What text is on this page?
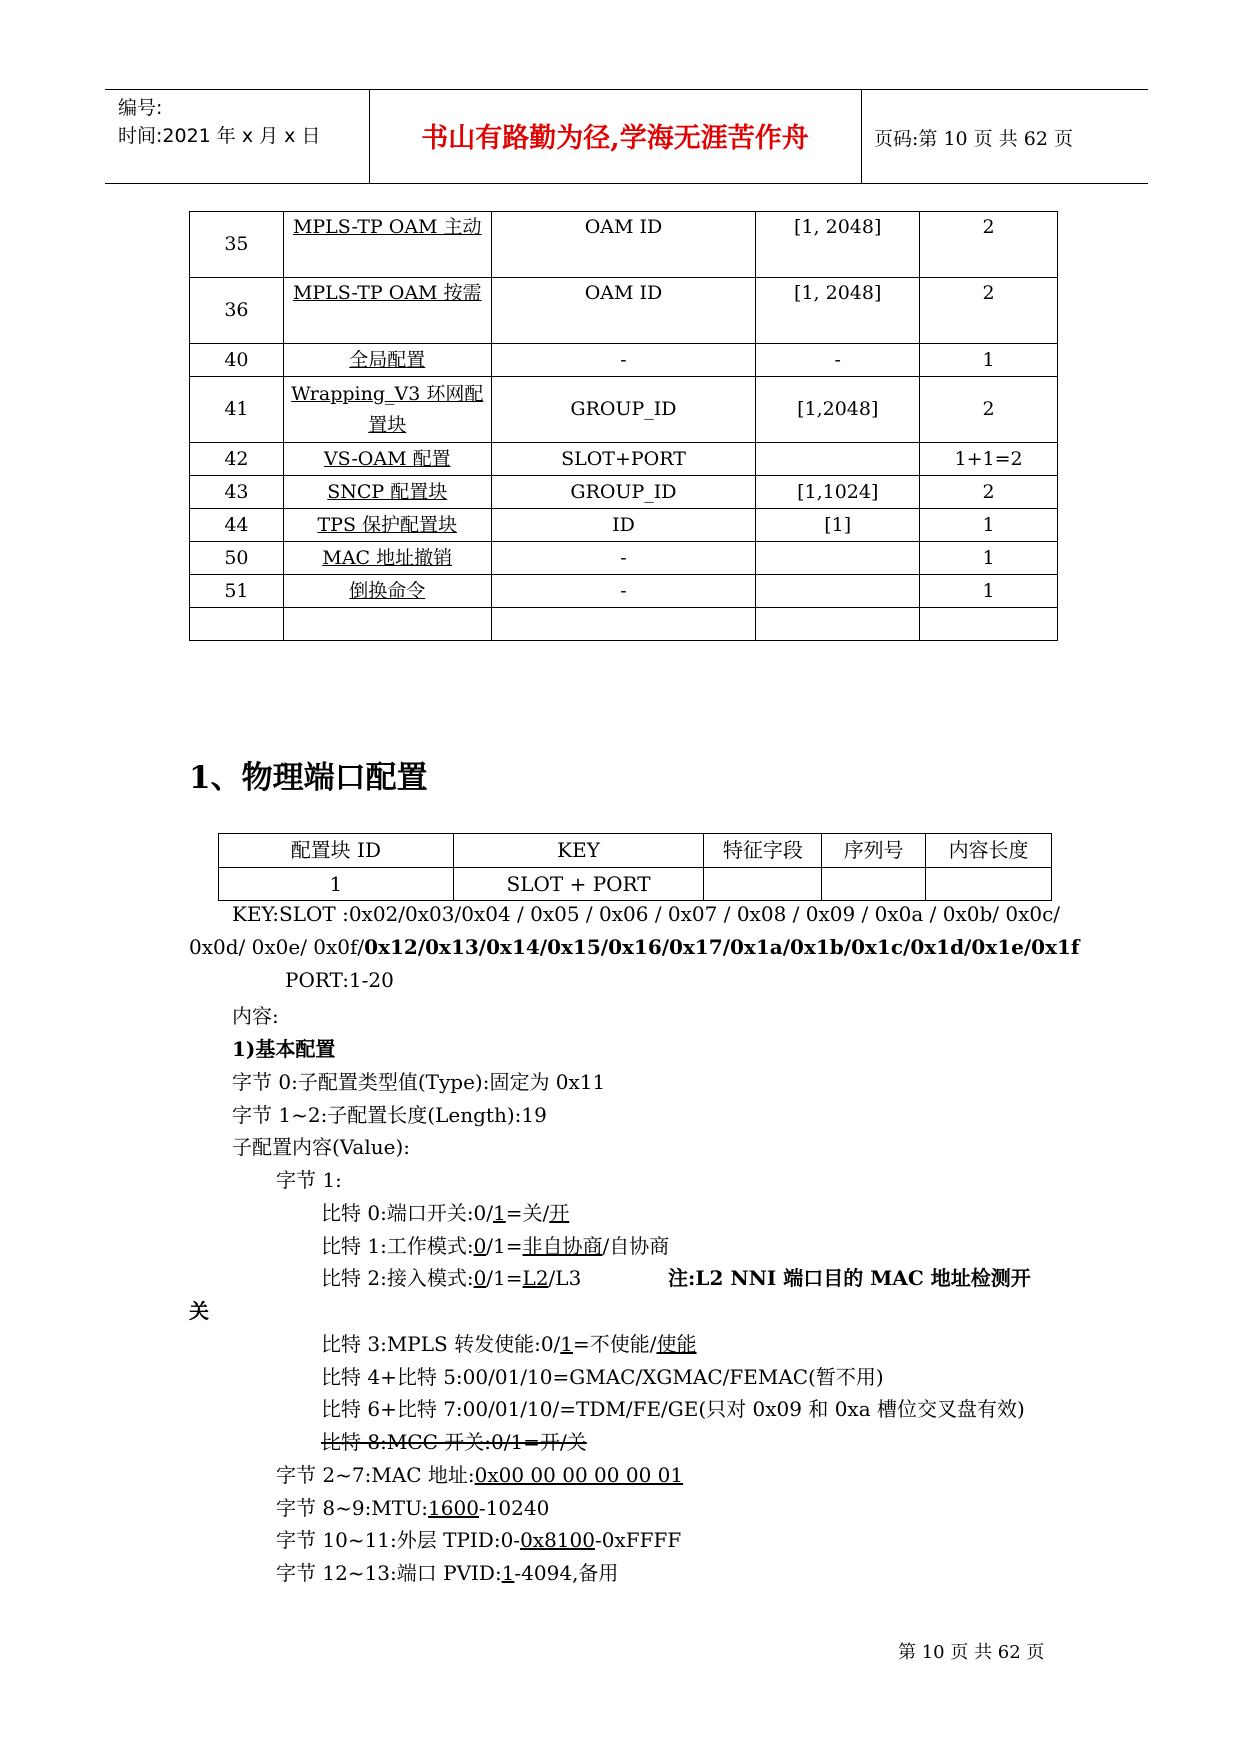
编号:
时间:2021 年 x 月 x 日	书山有路勤为径,学海无涯苦作舟	页码:第 10 页 共 62 页
35	MPLS-TP OAM 主动	OAM ID	[1, 2048]	2
36	MPLS-TP OAM 按需	OAM ID	[1, 2048]	2
40	全局配置	-	-	1
41	Wrapping_V3 环网配置块	GROUP_ID	[1,2048]	2
42	VS-OAM 配置	SLOT+PORT		1+1=2
43	SNCP 配置块	GROUP_ID	[1,1024]	2
44	TPS 保护配置块	ID	[1]	1
50	MAC 地址撤销	-		1
51	倒换命令	-		1

1、物理端口配置
配置块 ID	KEY	特征字段	序列号	内容长度
1	SLOT + PORT			
KEY:SLOT :0x02/0x03/0x04 / 0x05 / 0x06 / 0x07 / 0x08 / 0x09 / 0x0a / 0x0b/ 0x0c/
0x0d/ 0x0e/ 0x0f/0x12/0x13/0x14/0x15/0x16/0x17/0x1a/0x1b/0x1c/0x1d/0x1e/0x1f
PORT:1-20
内容:
1)基本配置
字节 0:子配置类型值(Type):固定为 0x11
字节 1~2:子配置长度(Length):19
子配置内容(Value):
字节 1:
比特 0:端口开关:0/1=关/开
比特 1:工作模式:0/1=非自协商/自协商
比特 2:接入模式:0/1=L2/L3	注:L2 NNI 端口目的 MAC 地址检测开
关
比特 3:MPLS 转发使能:0/1=不使能/使能
比特 4+比特 5:00/01/10=GMAC/XGMAC/FEMAC(暂不用)
比特 6+比特 7:00/01/10/=TDM/FE/GE(只对 0x09 和 0xa 槽位交叉盘有效)
比特 8:MCC 开关:0/1=开/关
字节 2~7:MAC 地址:0x00 00 00 00 00 01
字节 8~9:MTU:1600-10240
字节 10~11:外层 TPID:0-0x8100-0xFFFF
字节 12~13:端口 PVID:1-4094,备用
第 10 页 共 62 页
